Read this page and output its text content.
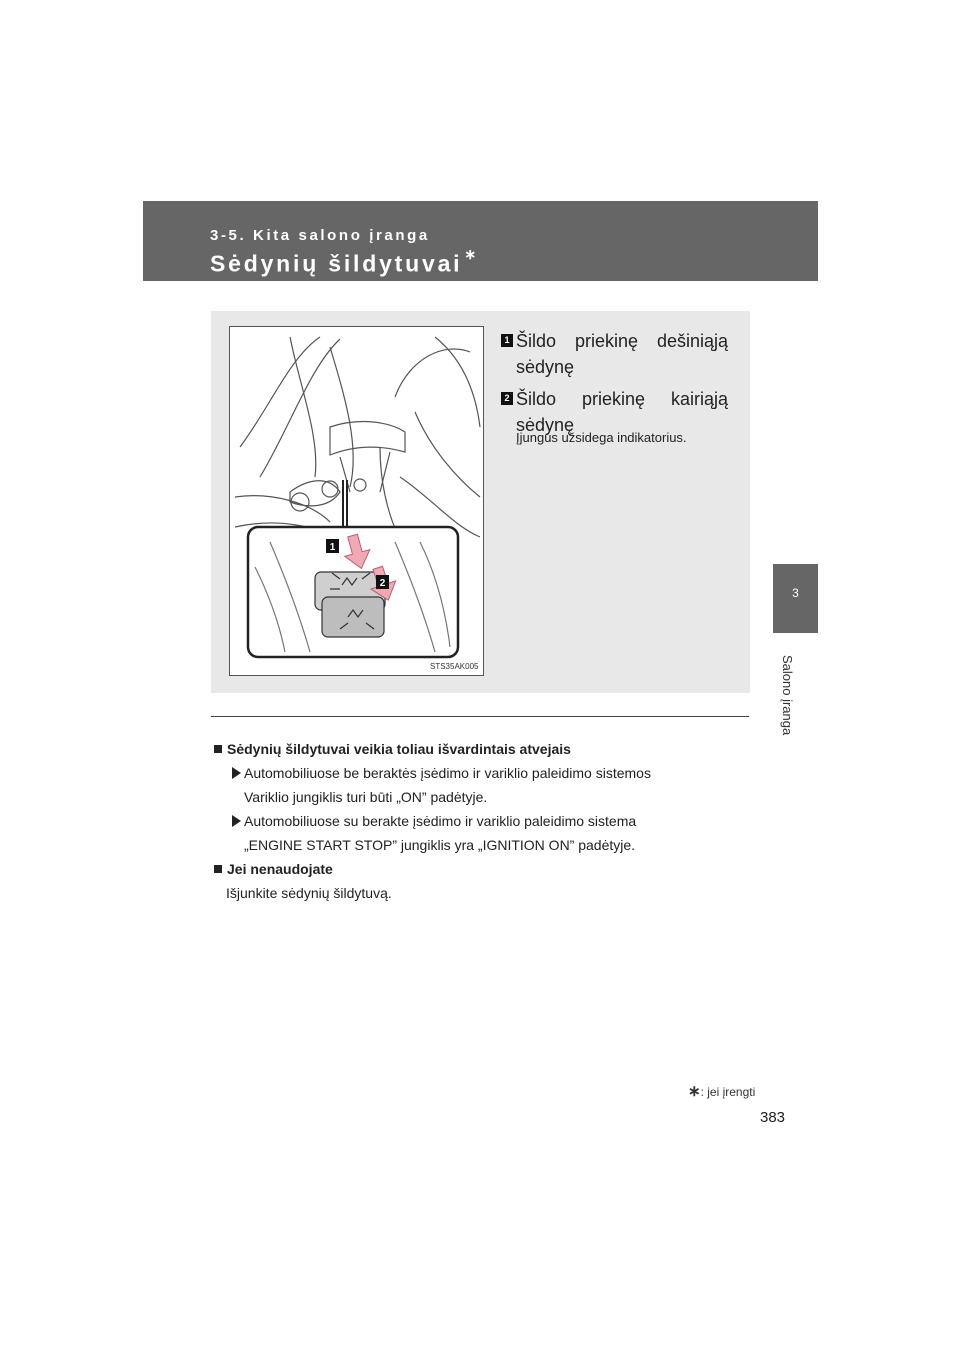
3-5. Kita salono įranga
Sėdynių šildytuvai ∗
3
Salono įranga
1
2
STS35AK005
1 Šildo priekinę dešiniąją
sėdynę
2 Šildo priekinę kairiąją
sėdynę
Įjungus užsidega indikatorius.
Sėdynių šildytuvai veikia toliau išvardintais atvejais
Automobiliuose be beraktės įsėdimo ir variklio paleidimo sistemos
Variklio jungiklis turi būti „ON” padėtyje.
Automobiliuose su berakte įsėdimo ir variklio paleidimo sistema
„ENGINE START STOP” jungiklis yra „IGNITION ON” padėtyje.
Jei nenaudojate
Išjunkite sėdynių šildytuvą.
∗: jei įrengti
383
